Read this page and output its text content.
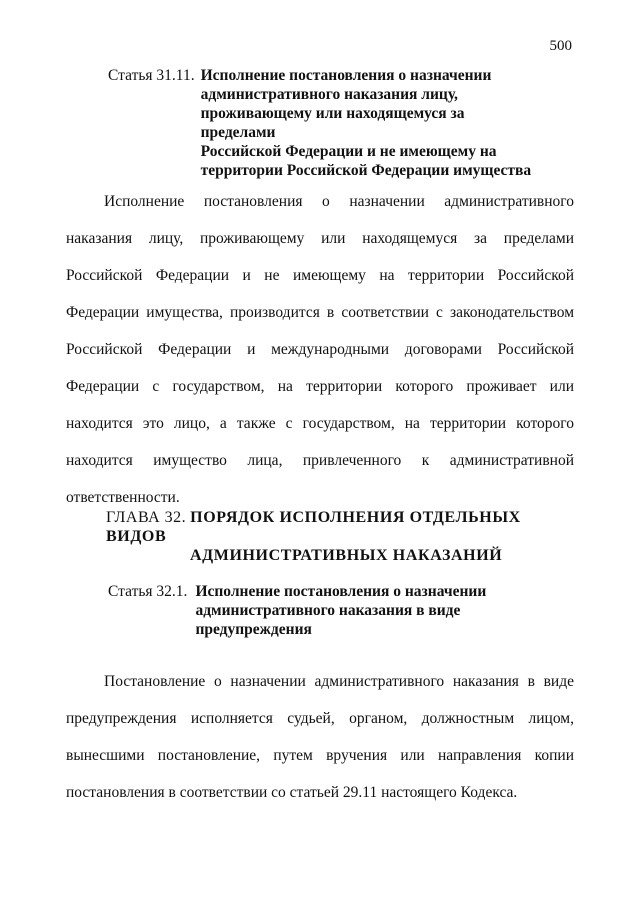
500
Статья 31.11. Исполнение постановления о назначении
административного наказания лицу,
проживающему или находящемуся за пределами
Российской Федерации и не имеющему на
территории Российской Федерации имущества

Исполнение постановления о назначении административного наказания лицу, проживающему или находящемуся за пределами Российской Федерации и не имеющему на территории Российской Федерации имущества, производится в соответствии с законодательством Российской Федерации и международными договорами Российской Федерации с государством, на территории которого проживает или находится это лицо, а также с государством, на территории которого находится имущество лица, привлеченного к административной ответственности.

ГЛАВА 32. ПОРЯДОК ИСПОЛНЕНИЯ ОТДЕЛЬНЫХ ВИДОВ
АДМИНИСТРАТИВНЫХ НАКАЗАНИЙ
Статья 32.1. Исполнение постановления о назначении
административного наказания в виде
предупреждения

Постановление о назначении административного наказания в виде предупреждения исполняется судьей, органом, должностным лицом, вынесшими постановление, путем вручения или направления копии постановления в соответствии со статьей 29.11 настоящего Кодекса.
